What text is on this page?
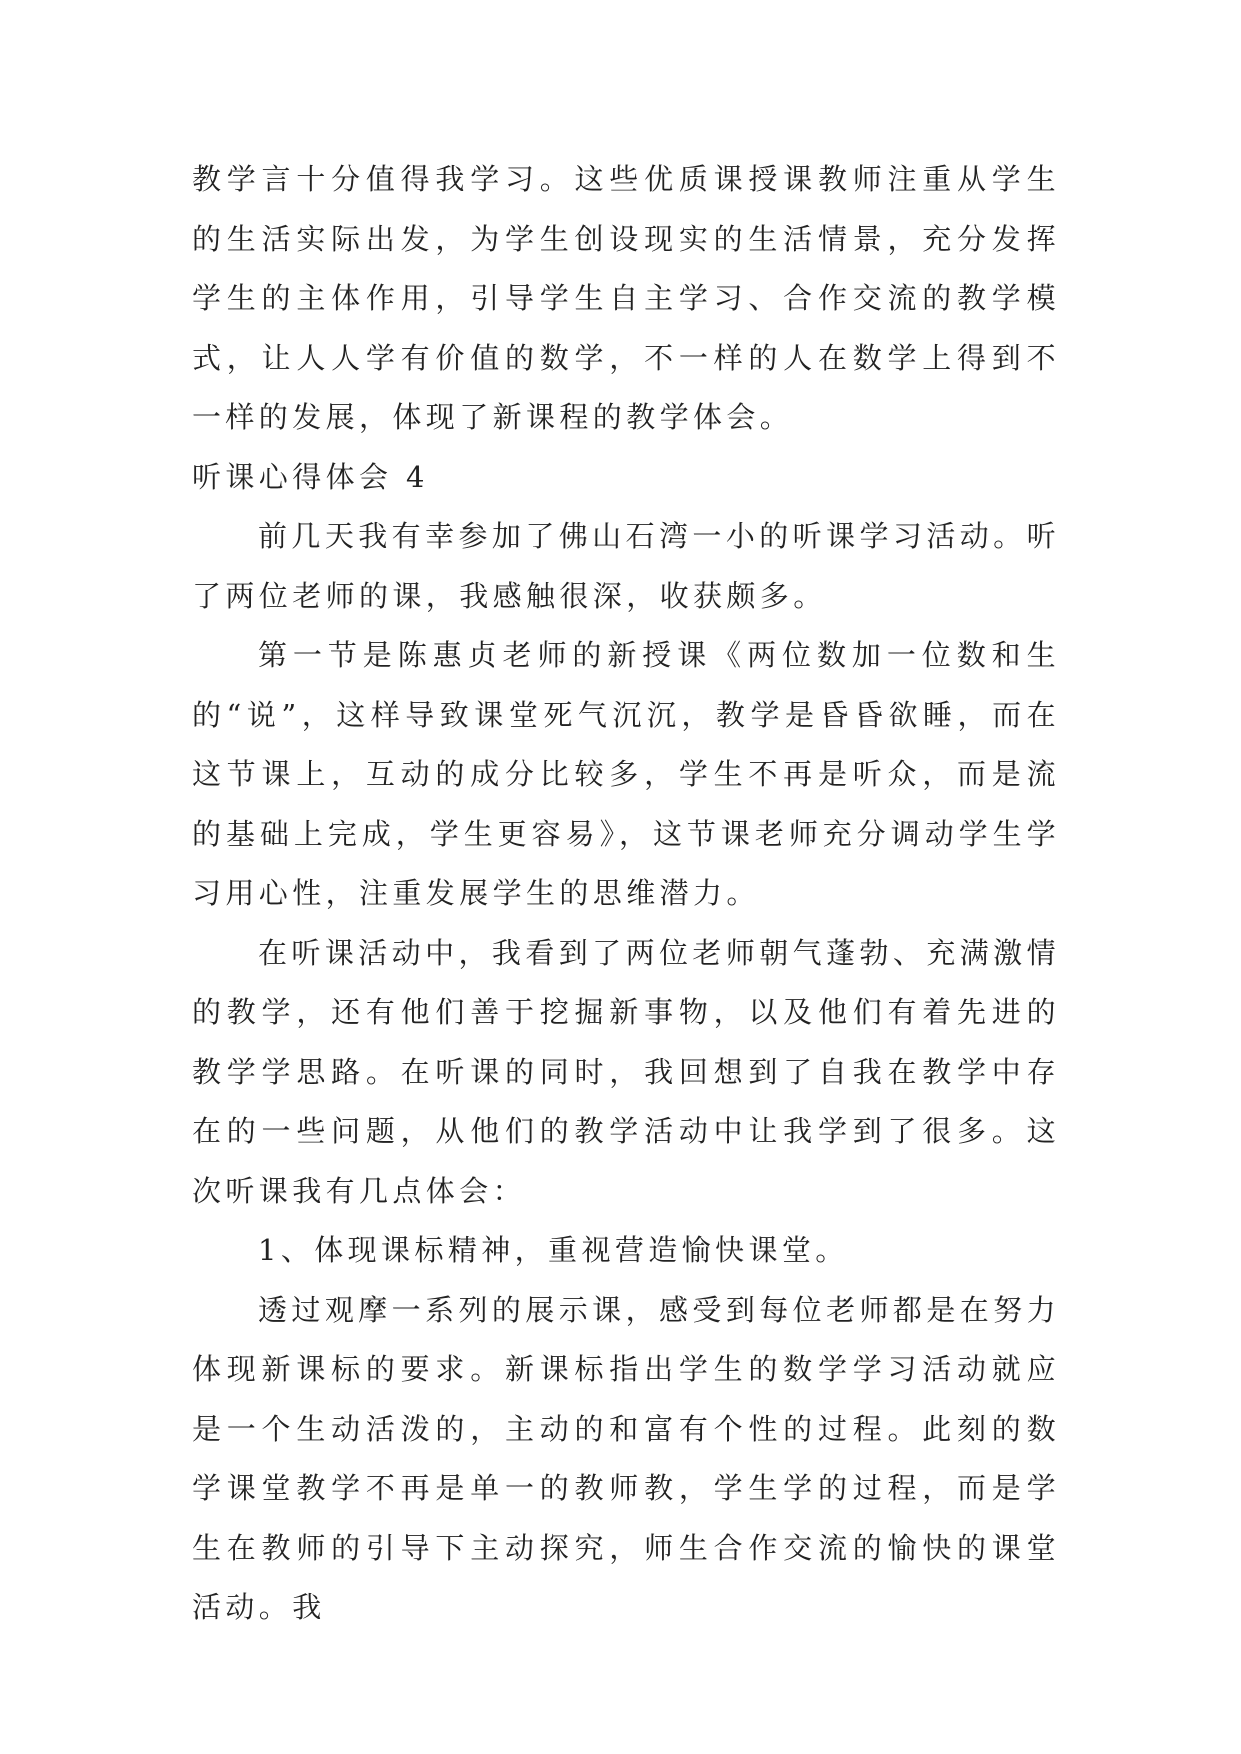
教学言十分值得我学习。这些优质课授课教师注重从学生的生活实际出发，为学生创设现实的生活情景，充分发挥学生的主体作用，引导学生自主学习、合作交流的教学模式，让人人学有价值的数学，不一样的人在数学上得到不一样的发展，体现了新课程的教学体会。

听课心得体会 4

前几天我有幸参加了佛山石湾一小的听课学习活动。听了两位老师的课，我感触很深，收获颇多。

第一节是陈惠贞老师的新授课《两位数加一位数和生的“说”，这样导致课堂死气沉沉，教学是昏昏欲睡，而在这节课上，互动的成分比较多，学生不再是听众，而是流的基础上完成，学生更容易》，这节课老师充分调动学生学习用心性，注重发展学生的思维潜力。

在听课活动中，我看到了两位老师朝气蓬勃、充满激情的教学，还有他们善于挖掘新事物，以及他们有着先进的教学学思路。在听课的同时，我回想到了自我在教学中存在的一些问题，从他们的教学活动中让我学到了很多。这次听课我有几点体会：

1、体现课标精神，重视营造愉快课堂。

透过观摩一系列的展示课，感受到每位老师都是在努力体现新课标的要求。新课标指出学生的数学学习活动就应是一个生动活泼的，主动的和富有个性的过程。此刻的数学课堂教学不再是单一的教师教，学生学的过程，而是学生在教师的引导下主动探究，师生合作交流的愉快的课堂活动。我
